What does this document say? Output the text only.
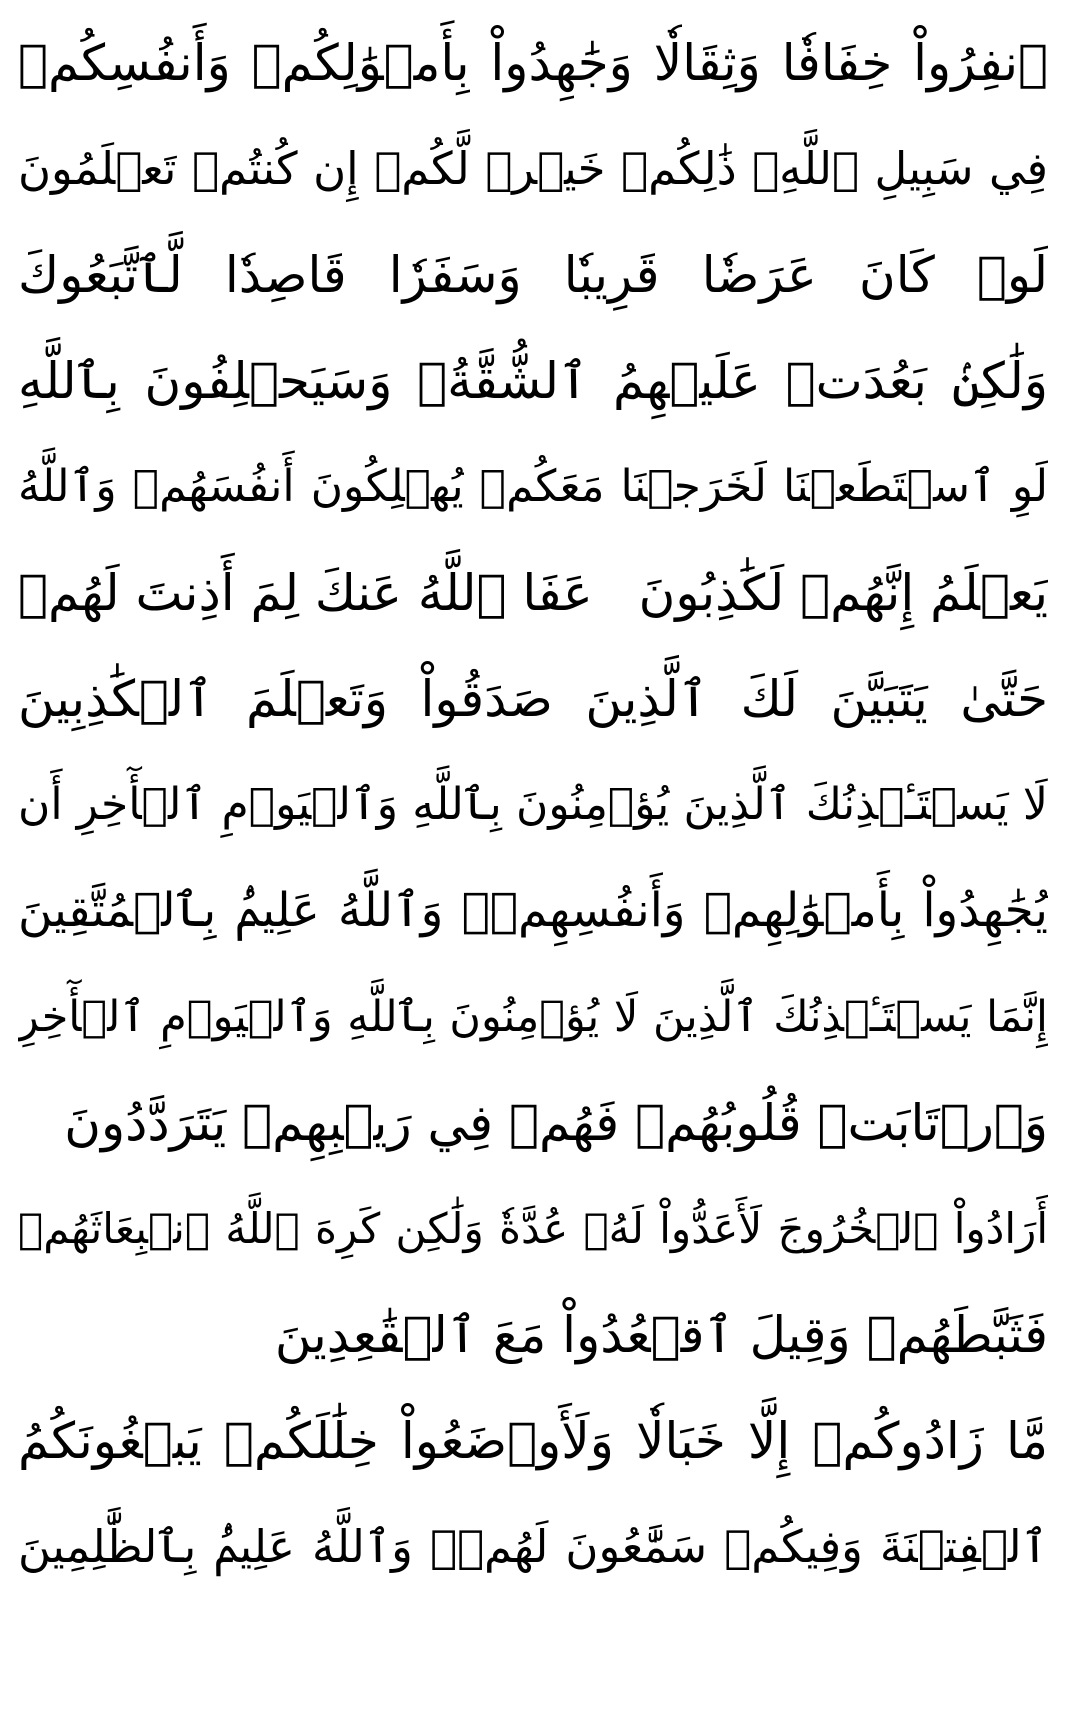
ٱنفِرُواْ خِفَافٗا وَثِقَالٗا وَجَٰهِدُواْ بِأَمۡوَٰلِكُمۡ وَأَنفُسِكُمۡ
فِي سَبِيلِ ٱللَّهِۚ ذَٰلِكُمۡ خَيۡرٞ لَّكُمۡ إِن كُنتُمۡ تَعۡلَمُونَ
لَوۡ كَانَ عَرَضٗا قَرِيبٗا وَسَفَرٗا قَاصِدٗا لَّٱتَّبَعُوكَ
وَلَٰكِنۢ بَعُدَتۡ عَلَيۡهِمُ ٱلشُّقَّةُۚ وَسَيَحۡلِفُونَ بِٱللَّهِ
لَوِ ٱسۡتَطَعۡنَا لَخَرَجۡنَا مَعَكُمۡ يُهۡلِكُونَ أَنفُسَهُمۡ وَٱللَّهُ
يَعۡلَمُ إِنَّهُمۡ لَكَٰذِبُونَ
عَفَا ٱللَّهُ عَنكَ لِمَ أَذِنتَ لَهُمۡ
حَتَّىٰ يَتَبَيَّنَ لَكَ ٱلَّذِينَ صَدَقُواْ وَتَعۡلَمَ ٱلۡكَٰذِبِينَ
لَا يَسۡتَـٔۡذِنُكَ ٱلَّذِينَ يُؤۡمِنُونَ بِٱللَّهِ وَٱلۡيَوۡمِ ٱلۡأٓخِرِ أَن
يُجَٰهِدُواْ بِأَمۡوَٰلِهِمۡ وَأَنفُسِهِمۡۗ وَٱللَّهُ عَلِيمُۢ بِٱلۡمُتَّقِينَ
إِنَّمَا يَسۡتَـٔۡذِنُكَ ٱلَّذِينَ لَا يُؤۡمِنُونَ بِٱللَّهِ وَٱلۡيَوۡمِ ٱلۡأٓخِرِ
وَٱرۡتَابَتۡ قُلُوبُهُمۡ فَهُمۡ فِي رَيۡبِهِمۡ يَتَرَدَّدُونَ
أَرَادُواْ ٱلۡخُرُوجَ لَأَعَدُّواْ لَهُۥ عُدَّةٗ وَلَٰكِن كَرِهَ ٱللَّهُ ٱنۢبِعَاثَهُمۡ
فَثَبَّطَهُمۡ وَقِيلَ ٱقۡعُدُواْ مَعَ ٱلۡقَٰعِدِينَ
مَّا زَادُوكُمۡ إِلَّا خَبَالٗا وَلَأَوۡضَعُواْ خِلَٰلَكُمۡ يَبۡغُونَكُمُ
ٱلۡفِتۡنَةَ وَفِيكُمۡ سَمَّٰعُونَ لَهُمۡۗ وَٱللَّهُ عَلِيمُۢ بِٱلظَّٰلِمِينَ
